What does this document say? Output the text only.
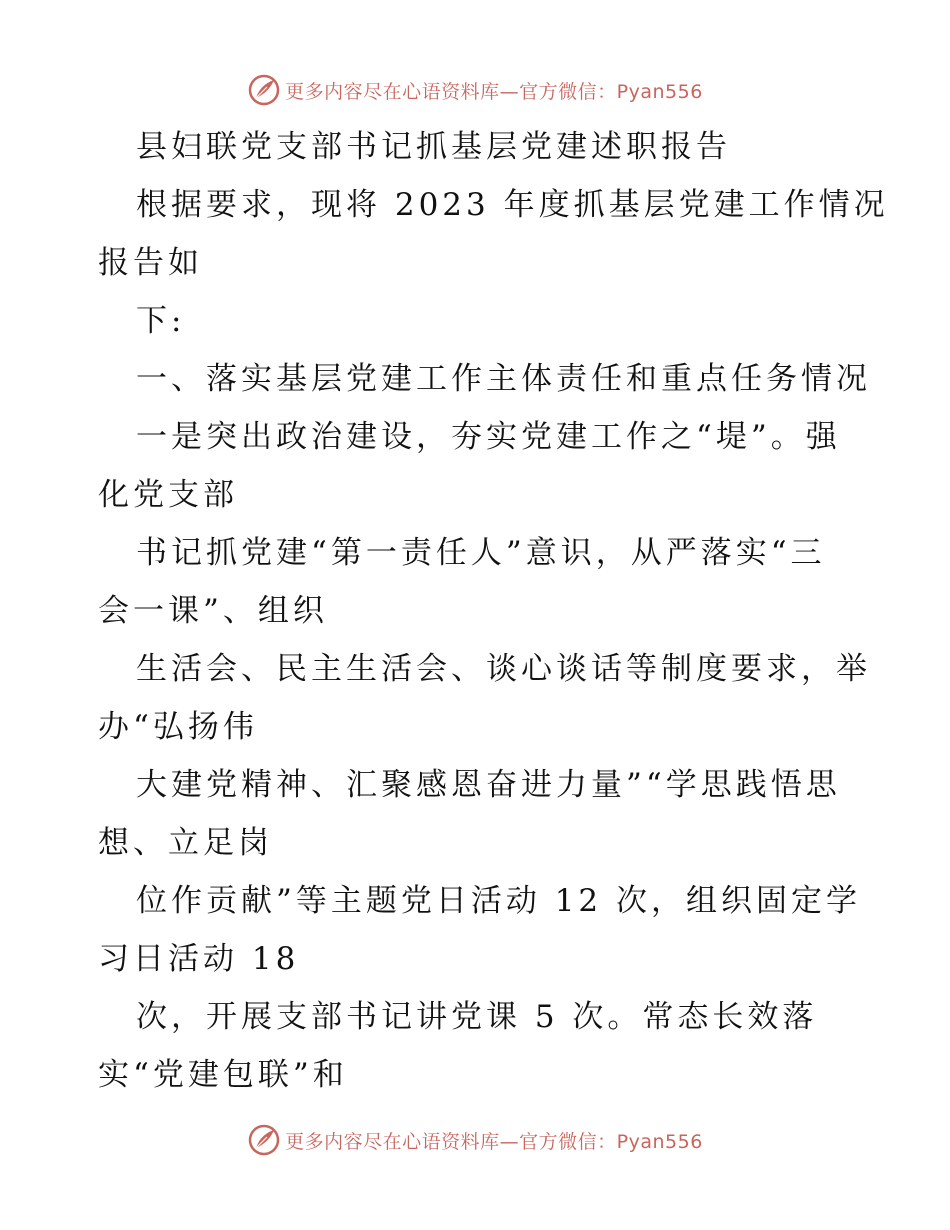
更多内容尽在心语资料库—官方微信：Pyan556
县妇联党支部书记抓基层党建述职报告
根据要求，现将 2023 年度抓基层党建工作情况
报告如
下:
一、落实基层党建工作主体责任和重点任务情况
一是突出政治建设，夯实党建工作之“堤”。强
化党支部
书记抓党建“第一责任人”意识，从严落实“三
会一课”、组织
生活会、民主生活会、谈心谈话等制度要求，举
办“弘扬伟
大建党精神、汇聚感恩奋进力量”“学思践悟思
想、立足岗
位作贡献”等主题党日活动 12 次，组织固定学
习日活动 18
次，开展支部书记讲党课 5 次。常态长效落
实“党建包联”和
更多内容尽在心语资料库—官方微信：Pyan556
